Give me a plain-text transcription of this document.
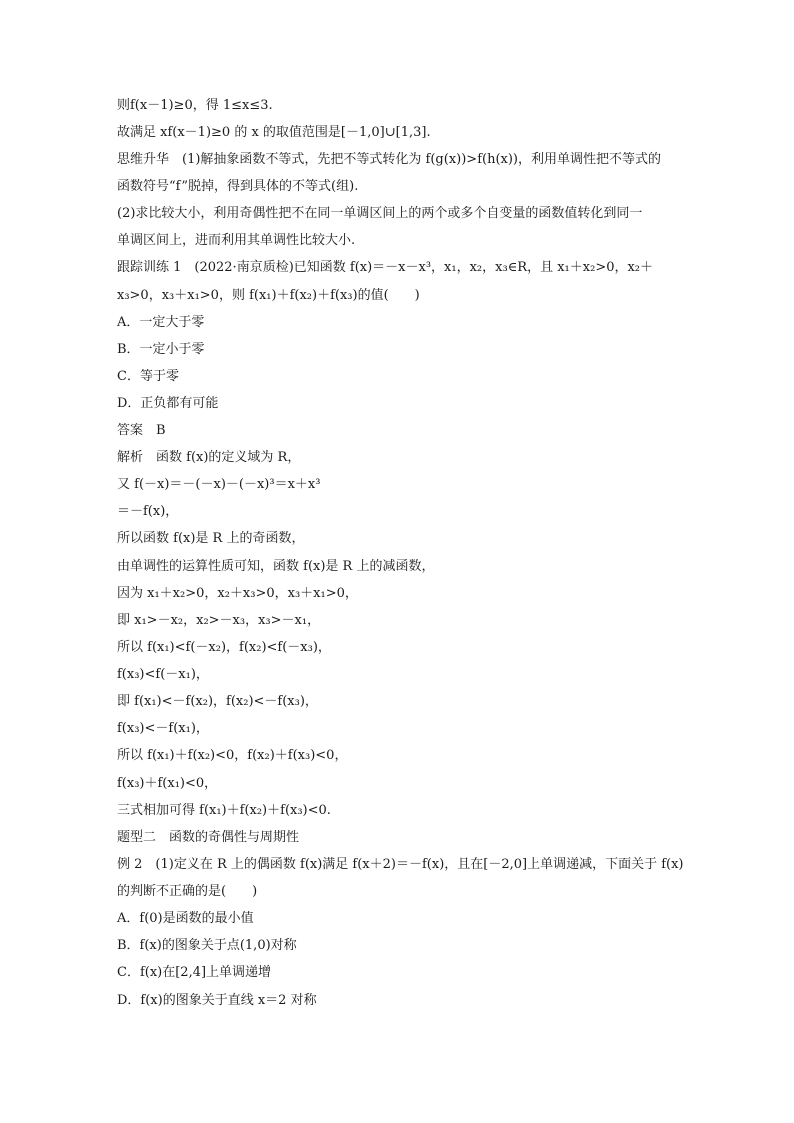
则f(x－1)≥0，得 1≤x≤3.
故满足 xf(x－1)≥0 的 x 的取值范围是[－1,0]∪[1,3].
思维升华　(1)解抽象函数不等式，先把不等式转化为 f(g(x))>f(h(x))，利用单调性把不等式的
函数符号“f”脱掉，得到具体的不等式(组).
(2)求比较大小，利用奇偶性把不在同一单调区间上的两个或多个自变量的函数值转化到同一
单调区间上，进而利用其单调性比较大小.
跟踪训练 1　(2022·南京质检)已知函数 f(x)＝－x－x³，x₁，x₂，x₃∈R，且 x₁＋x₂>0，x₂＋
x₃>0，x₃＋x₁>0，则 f(x₁)＋f(x₂)＋f(x₃)的值(　　)
A．一定大于零
B．一定小于零
C．等于零
D．正负都有可能
答案　B
解析　函数 f(x)的定义域为 R，
又 f(－x)＝－(－x)－(－x)³＝x＋x³
＝－f(x)，
所以函数 f(x)是 R 上的奇函数，
由单调性的运算性质可知，函数 f(x)是 R 上的减函数，
因为 x₁＋x₂>0，x₂＋x₃>0，x₃＋x₁>0，
即 x₁>－x₂，x₂>－x₃，x₃>－x₁，
所以 f(x₁)<f(－x₂)，f(x₂)<f(－x₃)，
f(x₃)<f(－x₁)，
即 f(x₁)<－f(x₂)，f(x₂)<－f(x₃)，
f(x₃)<－f(x₁)，
所以 f(x₁)＋f(x₂)<0，f(x₂)＋f(x₃)<0，
f(x₃)＋f(x₁)<0，
三式相加可得 f(x₁)＋f(x₂)＋f(x₃)<0.
题型二　函数的奇偶性与周期性
例 2　(1)定义在 R 上的偶函数 f(x)满足 f(x＋2)＝－f(x)，且在[－2,0]上单调递减，下面关于 f(x)
的判断不正确的是(　　)
A．f(0)是函数的最小值
B．f(x)的图象关于点(1,0)对称
C．f(x)在[2,4]上单调递增
D．f(x)的图象关于直线 x＝2 对称
